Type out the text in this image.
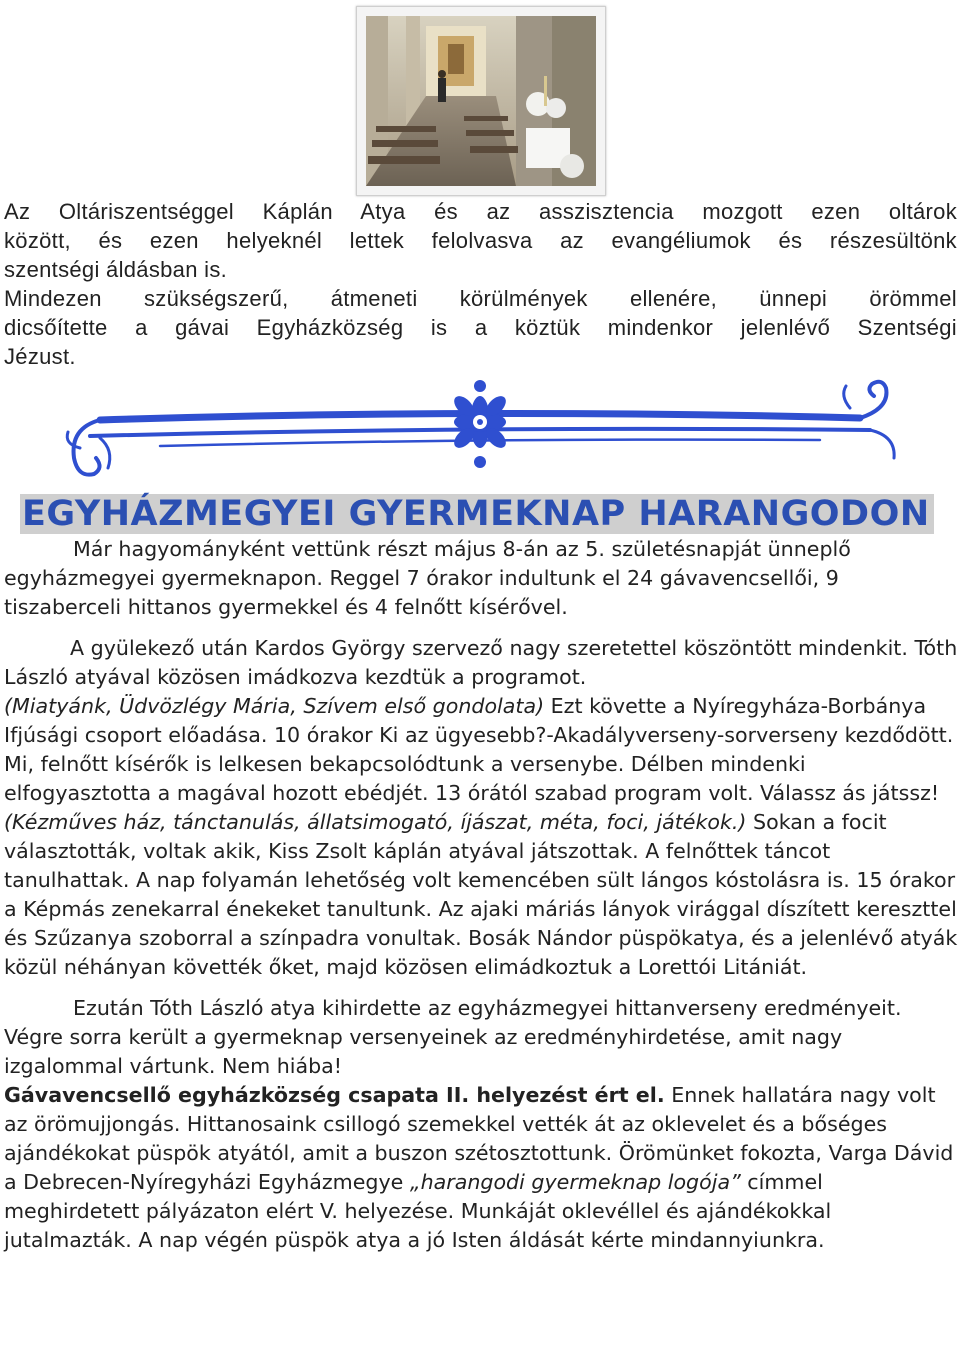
Az Oltáriszentséggel Káplán Atya és az asszisztencia mozgott ezen oltárok

között, és ezen helyeknél lettek felolvasva az evangéliumok és részesültönk

szentségi áldásban is.

Mindezen szükségszerű, átmeneti körülmények ellenére, ünnepi örömmel

dicsőítette a gávai Egyházközség is a köztük mindenkor jelenlévő Szentségi

Jézust.

EGYHÁZMEGYEI GYERMEKNAP HARANGODON

Már hagyományként vettünk részt május 8-án az 5. születésnapját ünneplő egyházmegyei gyermeknapon. Reggel 7 órakor indultunk el 24 gávavencsellői, 9 tiszaberceli hittanos gyermekkel és 4 felnőtt kísérővel.

A gyülekező után Kardos György szervező nagy szeretettel köszöntött mindenkit. Tóth László atyával közösen imádkozva kezdtük a programot.
(Miatyánk, Üdvözlégy Mária, Szívem első gondolata) Ezt követte a Nyíregyháza-Borbánya Ifjúsági csoport előadása. 10 órakor Ki az ügyesebb?-Akadályverseny-sorverseny kezdődött. Mi, felnőtt kísérők is lelkesen bekapcsolódtunk a versenybe. Délben mindenki elfogyasztotta a magával hozott ebédjét. 13 órától szabad program volt. Válassz ás játssz! (Kézműves ház, tánctanulás, állatsimogató, íjászat, méta, foci, játékok.) Sokan a focit választották, voltak akik, Kiss Zsolt káplán atyával játszottak. A felnőttek táncot tanulhattak. A nap folyamán lehetőség volt kemencében sült lángos kóstolásra is. 15 órakor a Képmás zenekarral énekeket tanultunk. Az ajaki máriás lányok virággal díszített kereszttel és Szűzanya szoborral a színpadra vonultak. Bosák Nándor püspökatya, és a jelenlévő atyák közül néhányan követték őket, majd közösen elimádkoztuk a Lorettói Litániát.

Ezután Tóth László atya kihirdette az egyházmegyei hittanverseny eredményeit. Végre sorra került a gyermeknap versenyeinek az eredményhirdetése, amit nagy izgalommal vártunk. Nem hiába!
Gávavencsellő egyházközség csapata II. helyezést ért el. Ennek hallatára nagy volt az örömujjongás. Hittanosaink csillogó szemekkel vették át az oklevelet és a bőséges ajándékokat püspök atyától, amit a buszon szétosztottunk. Örömünket fokozta, Varga Dávid a Debrecen-Nyíregyházi Egyházmegye „harangodi gyermeknap logója” címmel meghirdetett pályázaton elért V. helyezése. Munkáját oklevéllel és ajándékokkal jutalmazták. A nap végén püspök atya a jó Isten áldását kérte mindannyiunkra.
